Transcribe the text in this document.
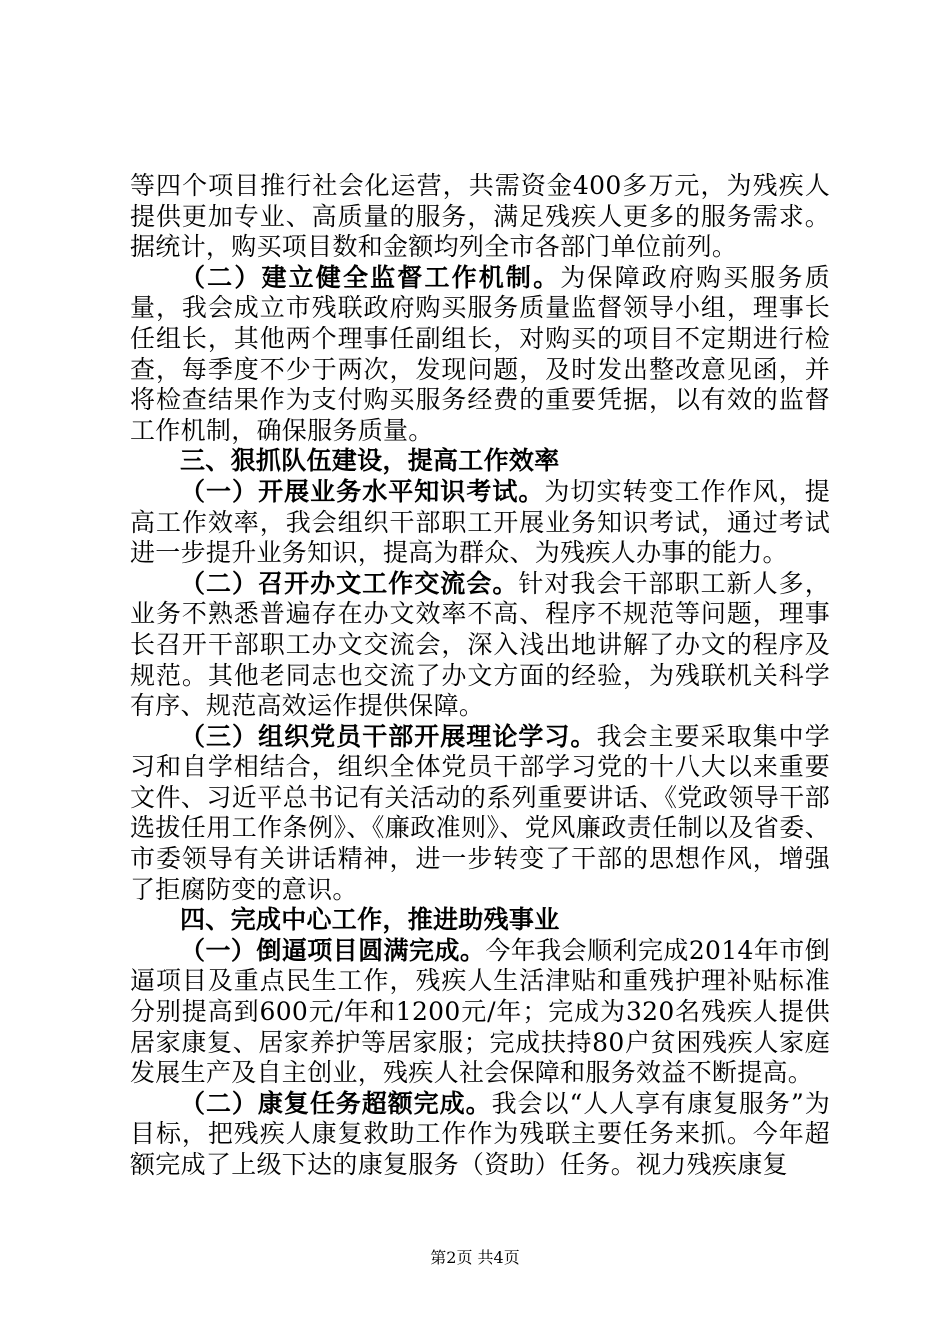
等四个项目推行社会化运营，共需资金400多万元，为残疾人提供更加专业、高质量的服务，满足残疾人更多的服务需求。据统计，购买项目数和金额均列全市各部门单位前列。

（二）建立健全监督工作机制。为保障政府购买服务质量，我会成立市残联政府购买服务质量监督领导小组，理事长任组长，其他两个理事任副组长，对购买的项目不定期进行检查，每季度不少于两次，发现问题，及时发出整改意见函，并将检查结果作为支付购买服务经费的重要凭据，以有效的监督工作机制，确保服务质量。

三、狠抓队伍建设，提高工作效率

（一）开展业务水平知识考试。为切实转变工作作风，提高工作效率，我会组织干部职工开展业务知识考试，通过考试进一步提升业务知识，提高为群众、为残疾人办事的能力。

（二）召开办文工作交流会。针对我会干部职工新人多，业务不熟悉普遍存在办文效率不高、程序不规范等问题，理事长召开干部职工办文交流会，深入浅出地讲解了办文的程序及规范。其他老同志也交流了办文方面的经验，为残联机关科学有序、规范高效运作提供保障。

（三）组织党员干部开展理论学习。我会主要采取集中学习和自学相结合，组织全体党员干部学习党的十八大以来重要文件、习近平总书记有关活动的系列重要讲话、《党政领导干部选拔任用工作条例》、《廉政准则》、党风廉政责任制以及省委、市委领导有关讲话精神，进一步转变了干部的思想作风，增强了拒腐防变的意识。

四、完成中心工作，推进助残事业

（一）倒逼项目圆满完成。今年我会顺利完成2014年市倒逼项目及重点民生工作，残疾人生活津贴和重残护理补贴标准分别提高到600元/年和1200元/年；完成为320名残疾人提供居家康复、居家养护等居家服；完成扶持80户贫困残疾人家庭发展生产及自主创业，残疾人社会保障和服务效益不断提高。

（二）康复任务超额完成。我会以“人人享有康复服务”为目标，把残疾人康复救助工作作为残联主要任务来抓。今年超额完成了上级下达的康复服务（资助）任务。视力残疾康复

第2页 共4页
